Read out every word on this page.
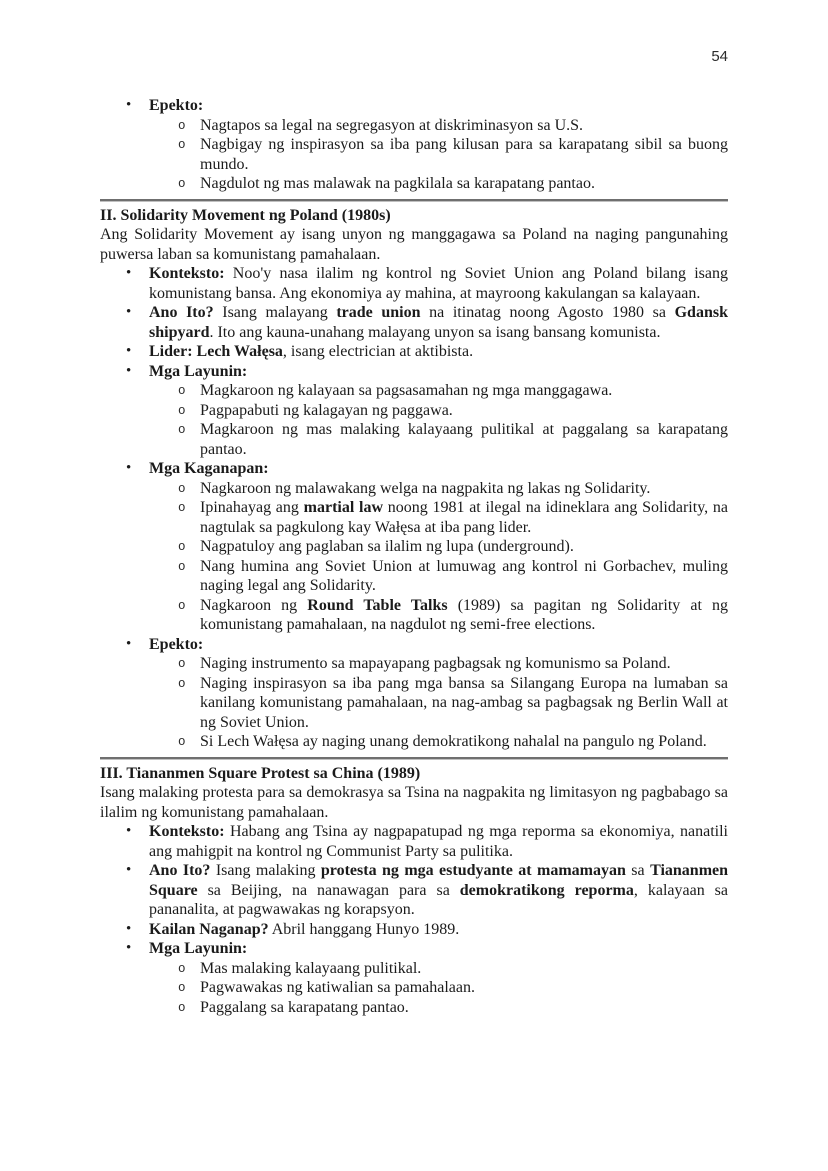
54
• Epekto:
o Nagtapos sa legal na segregasyon at diskriminasyon sa U.S.
o Nagbigay ng inspirasyon sa iba pang kilusan para sa karapatang sibil sa buong mundo.
o Nagdulot ng mas malawak na pagkilala sa karapatang pantao.
II. Solidarity Movement ng Poland (1980s)
Ang Solidarity Movement ay isang unyon ng manggagawa sa Poland na naging pangunahing puwersa laban sa komunistang pamahalaan.
• Konteksto: Noo'y nasa ilalim ng kontrol ng Soviet Union ang Poland bilang isang komunistang bansa. Ang ekonomiya ay mahina, at mayroong kakulangan sa kalayaan.
• Ano Ito? Isang malayang trade union na itinatag noong Agosto 1980 sa Gdansk shipyard. Ito ang kauna-unahang malayang unyon sa isang bansang komunista.
• Lider: Lech Wałęsa, isang electrician at aktibista.
• Mga Layunin:
o Magkaroon ng kalayaan sa pagsasamahan ng mga manggagawa.
o Pagpapabuti ng kalagayan ng paggawa.
o Magkaroon ng mas malaking kalayaang pulitikal at paggalang sa karapatang pantao.
• Mga Kaganapan:
o Nagkaroon ng malawakang welga na nagpakita ng lakas ng Solidarity.
o Ipinahayag ang martial law noong 1981 at ilegal na idineklara ang Solidarity, na nagtulak sa pagkulong kay Wałęsa at iba pang lider.
o Nagpatuloy ang paglaban sa ilalim ng lupa (underground).
o Nang humina ang Soviet Union at lumuwag ang kontrol ni Gorbachev, muling naging legal ang Solidarity.
o Nagkaroon ng Round Table Talks (1989) sa pagitan ng Solidarity at ng komunistang pamahalaan, na nagdulot ng semi-free elections.
• Epekto:
o Naging instrumento sa mapayapang pagbagsak ng komunismo sa Poland.
o Naging inspirasyon sa iba pang mga bansa sa Silangang Europa na lumaban sa kanilang komunistang pamahalaan, na nag-ambag sa pagbagsak ng Berlin Wall at ng Soviet Union.
o Si Lech Wałęsa ay naging unang demokratikong nahalal na pangulo ng Poland.
III. Tiananmen Square Protest sa China (1989)
Isang malaking protesta para sa demokrasya sa Tsina na nagpakita ng limitasyon ng pagbabago sa ilalim ng komunistang pamahalaan.
• Konteksto: Habang ang Tsina ay nagpapatupad ng mga reporma sa ekonomiya, nanatili ang mahigpit na kontrol ng Communist Party sa pulitika.
• Ano Ito? Isang malaking protesta ng mga estudyante at mamamayan sa Tiananmen Square sa Beijing, na nanawagan para sa demokratikong reporma, kalayaan sa pananalita, at pagwawakas ng korapsyon.
• Kailan Naganap? Abril hanggang Hunyo 1989.
• Mga Layunin:
o Mas malaking kalayaang pulitikal.
o Pagwawakas ng katiwalian sa pamahalaan.
o Paggalang sa karapatang pantao.
